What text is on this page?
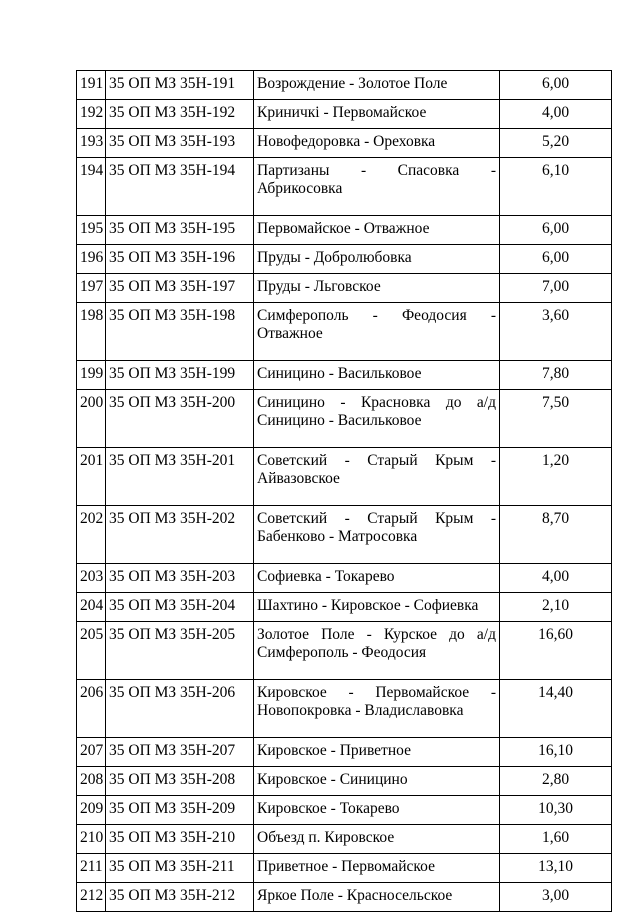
191	35 ОП МЗ 35Н-191	Возрождение - Золотое Поле	6,00
192	35 ОП МЗ 35Н-192	Криничкі - Первомайское	4,00
193	35 ОП МЗ 35Н-193	Новофедоровка - Ореховка	5,20
194	35 ОП МЗ 35Н-194	Партизаны - Спасовка - Абрикосовка	6,10
195	35 ОП МЗ 35Н-195	Первомайское - Отважное	6,00
196	35 ОП МЗ 35Н-196	Пруды - Добролюбовка	6,00
197	35 ОП МЗ 35Н-197	Пруды - Льговское	7,00
198	35 ОП МЗ 35Н-198	Симферополь - Феодосия - Отважное	3,60
199	35 ОП МЗ 35Н-199	Синицино - Васильковое	7,80
200	35 ОП МЗ 35Н-200	Синицино - Красновка до а/д Синицино - Васильковое	7,50
201	35 ОП МЗ 35Н-201	Советский - Старый Крым - Айвазовское	1,20
202	35 ОП МЗ 35Н-202	Советский - Старый Крым - Бабенково - Матросовка	8,70
203	35 ОП МЗ 35Н-203	Софиевка - Токарево	4,00
204	35 ОП МЗ 35Н-204	Шахтино - Кировское - Софиевка	2,10
205	35 ОП МЗ 35Н-205	Золотое Поле - Курское до а/д Симферополь - Феодосия	16,60
206	35 ОП МЗ 35Н-206	Кировское - Первомайское - Новопокровка - Владиславовка	14,40
207	35 ОП МЗ 35Н-207	Кировское - Приветное	16,10
208	35 ОП МЗ 35Н-208	Кировское - Синицино	2,80
209	35 ОП МЗ 35Н-209	Кировское - Токарево	10,30
210	35 ОП МЗ 35Н-210	Объезд п. Кировское	1,60
211	35 ОП МЗ 35Н-211	Приветное - Первомайское	13,10
212	35 ОП МЗ 35Н-212	Яркое Поле - Красносельское	3,00
